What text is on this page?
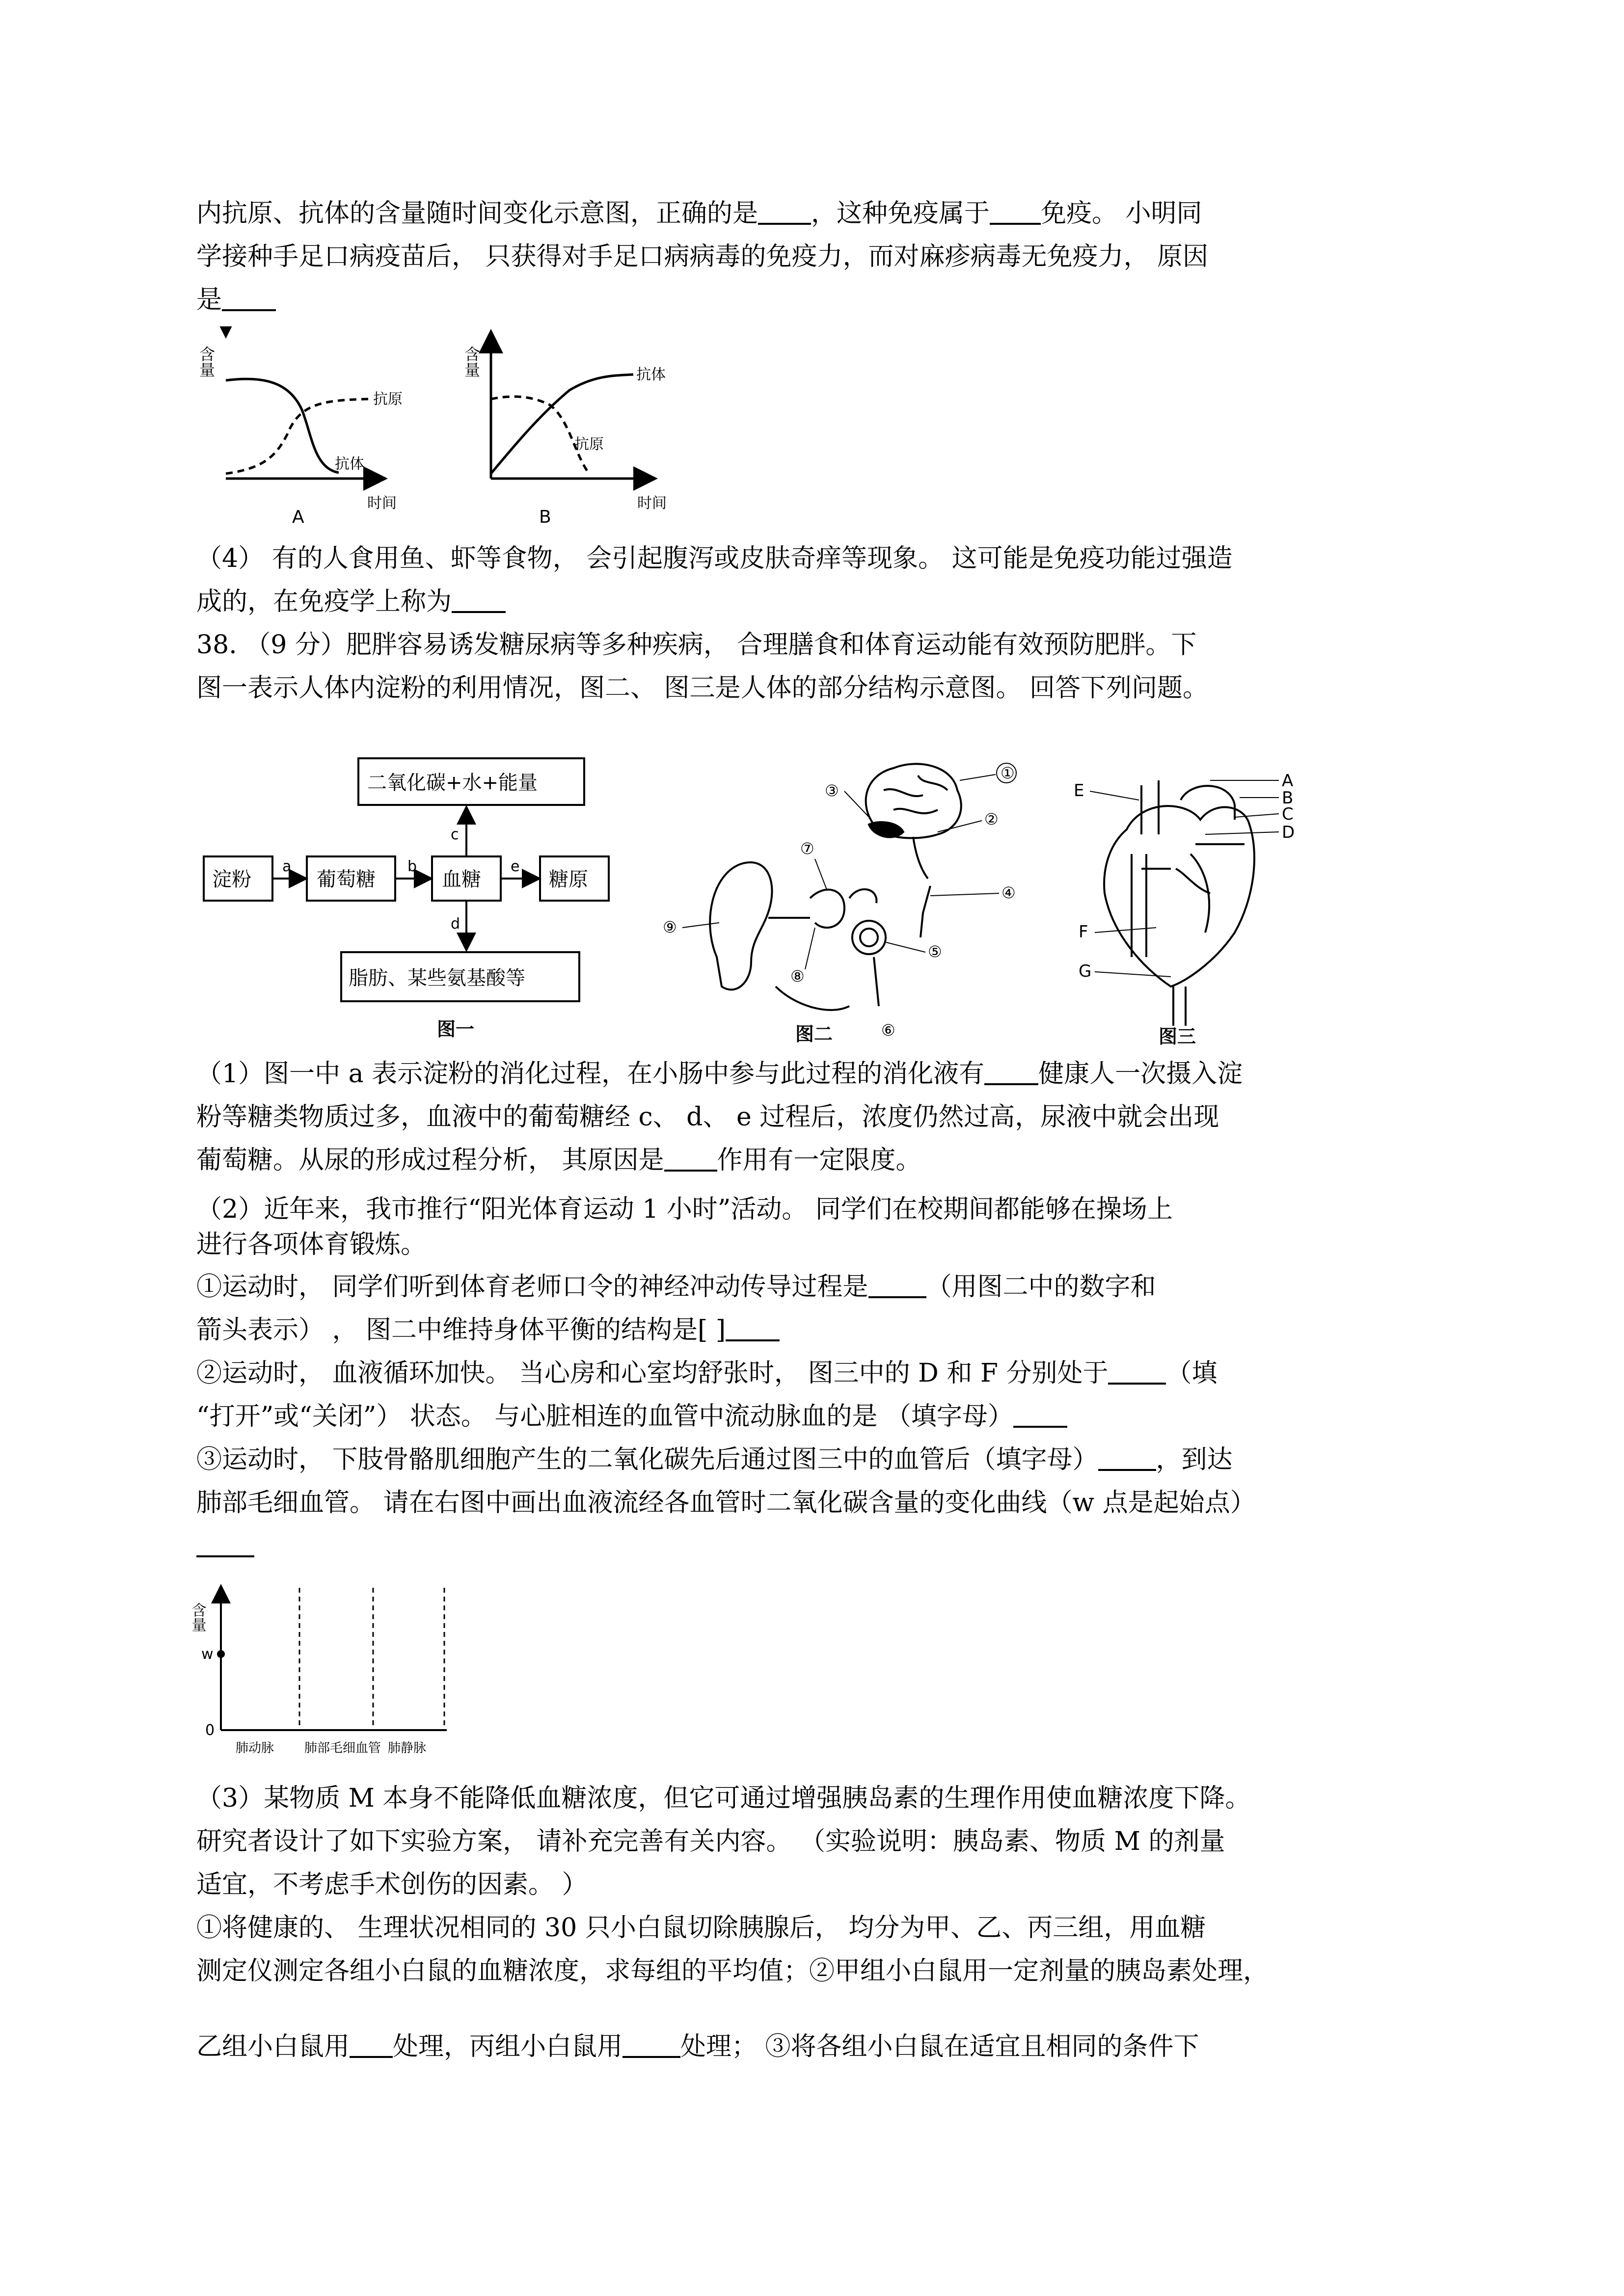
内抗原、抗体的含量随时间变化示意图，正确的是 ，这种免疫属于 免疫。 小明同
学接种手足口病疫苗后， 只获得对手足口病病毒的免疫力，而对麻疹病毒无免疫力， 原因
是
含量
时间
抗原
抗体
A
含量
时间
抗体
抗原
B
（4） 有的人食用鱼、虾等食物， 会引起腹泻或皮肤奇痒等现象。 这可能是免疫功能过强造
成的，在免疫学上称为
38. （9 分）肥胖容易诱发糖尿病等多种疾病， 合理膳食和体育运动能有效预防肥胖。下
图一表示人体内淀粉的利用情况，图二、 图三是人体的部分结构示意图。 回答下列问题。
淀粉	葡萄糖	血糖	糖原
二氧化碳+水+能量
脂肪、某些氨基酸等
a	b	e
c
d
图一
①
②
③
④
⑤
⑥
⑦
⑧
⑨
图二
A
B
C
D
E
F
G
图三
（1）图一中 a 表示淀粉的消化过程，在小肠中参与此过程的消化液有 健康人一次摄入淀
粉等糖类物质过多，血液中的葡萄糖经 c、 d、 e 过程后，浓度仍然过高，尿液中就会出现
葡萄糖。从尿的形成过程分析， 其原因是 作用有一定限度。
（2）近年来，我市推行“阳光体育运动 1 小时”活动。 同学们在校期间都能够在操场上
进行各项体育锻炼。
①运动时， 同学们听到体育老师口令的神经冲动传导过程是 （用图二中的数字和
箭头表示） ， 图二中维持身体平衡的结构是[ ]
②运动时， 血液循环加快。 当心房和心室均舒张时， 图三中的 D 和 F 分别处于 （填
“打开”或“关闭”） 状态。 与心脏相连的血管中流动脉血的是 （填字母）
③运动时， 下肢骨骼肌细胞产生的二氧化碳先后通过图三中的血管后（填字母） ，到达
肺部毛细血管。 请在右图中画出血液流经各血管时二氧化碳含量的变化曲线（w 点是起始点）
含量
w
0
肺动脉 肺部毛细血管 肺静脉
（3）某物质 M 本身不能降低血糖浓度，但它可通过增强胰岛素的生理作用使血糖浓度下降。
研究者设计了如下实验方案， 请补充完善有关内容。 （实验说明：胰岛素、物质 M 的剂量
适宜，不考虑手术创伤的因素。 ）
①将健康的、 生理状况相同的 30 只小白鼠切除胰腺后， 均分为甲、乙、丙三组，用血糖
测定仪测定各组小白鼠的血糖浓度，求每组的平均值；②甲组小白鼠用一定剂量的胰岛素处理，
乙组小白鼠用 处理，丙组小白鼠用 处理； ③将各组小白鼠在适宜且相同的条件下
